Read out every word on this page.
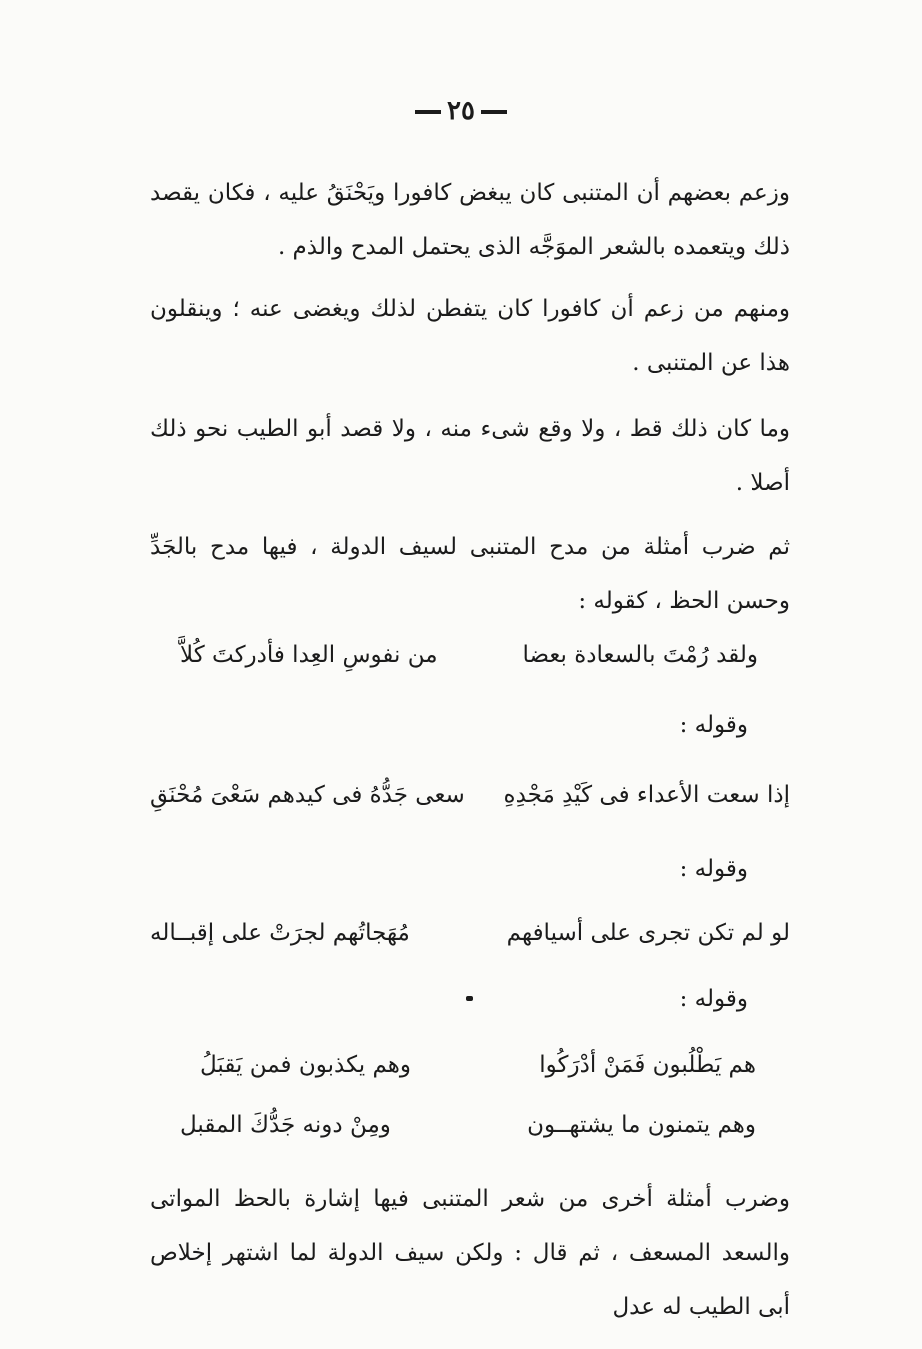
٢٥
وزعم بعضهم أن المتنبى كان يبغض كافورا ويَحْنَقُ عليه ، فكان يقصد ذلك ويتعمده بالشعر الموَجَّه الذى يحتمل المدح والذم .
ومنهم من زعم أن كافورا كان يتفطن لذلك ويغضى عنه ؛ وينقلون هذا عن المتنبى .
وما كان ذلك قط ، ولا وقع شىء منه ، ولا قصد أبو الطيب نحو ذلك أصلا .
ثم ضرب أمثلة من مدح المتنبى لسيف الدولة ، فيها مدح بالجَدِّ وحسن الحظ ، كقوله :
ولقد رُمْتَ بالسعادة بعضا
من نفوسِ العِدا فأدركتَ كُلاَّ
وقوله :
إذا سعت الأعداء فى كَيْدِ مَجْدِهِ
سعى جَدُّهُ فى كيدهم سَعْىَ مُحْنَقِ
وقوله :
لو لم تكن تجرى على أسيافهم
مُهَجاتُهم لجرَتْ على إقبــاله
وقوله :
هم يَطْلُبون فَمَنْ أدْرَكُوا
وهم يكذبون فمن يَقبَلُ
وهم يتمنون ما يشتهــون
ومِنْ دونه جَدُّكَ المقبل
وضرب أمثلة أخرى من شعر المتنبى فيها إشارة بالحظ المواتى والسعد المسعف ، ثم قال : ولكن سيف الدولة لما اشتهر إخلاص أبى الطيب له عدل
